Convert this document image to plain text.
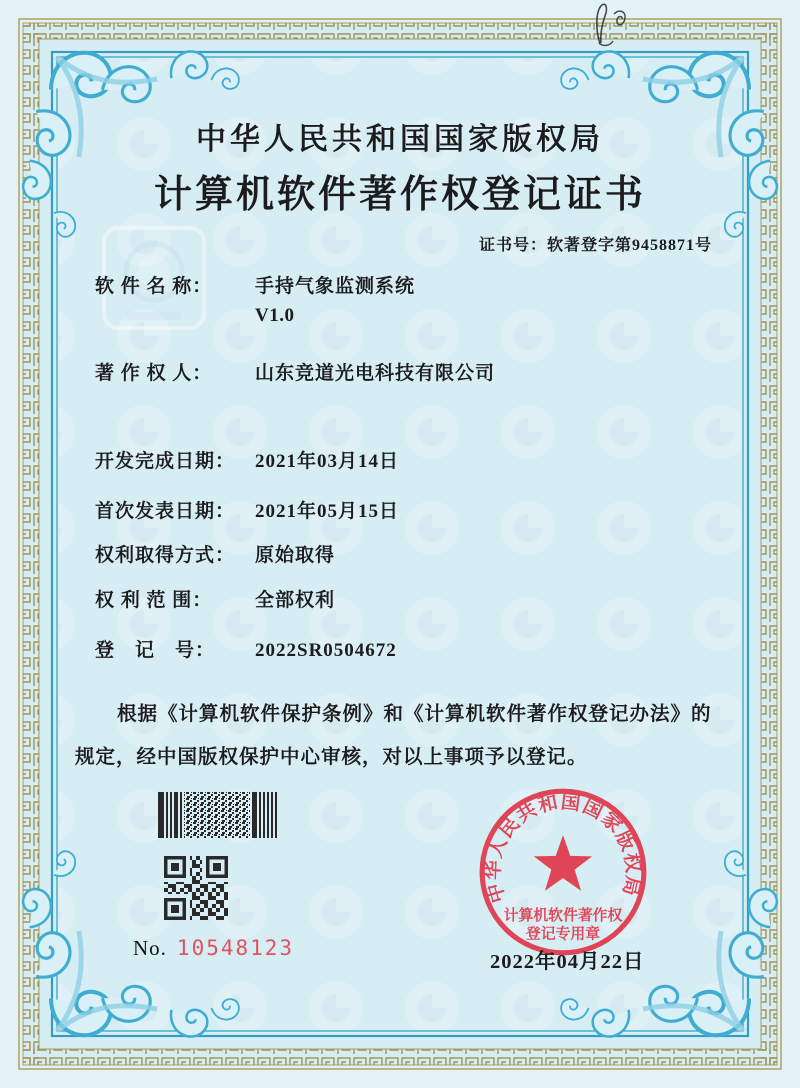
中华人民共和国国家版权局
计算机软件著作权登记证书
证书号：软著登字第9458871号
软 件 名 称：	手持气象监测系统
V1.0
著 作 权 人：	山东竞道光电科技有限公司
开发完成日期：	2021年03月14日
首次发表日期：	2021年05月15日
权利取得方式：	原始取得
权 利 范 围：	全部权利
登　记　号：	2022SR0504672
根据《计算机软件保护条例》和《计算机软件著作权登记办法》的规定，经中国版权保护中心审核，对以上事项予以登记。
No. 10548123
中华人民共和国国家版权局
计算机软件著作权
登记专用章
2022年04月22日
